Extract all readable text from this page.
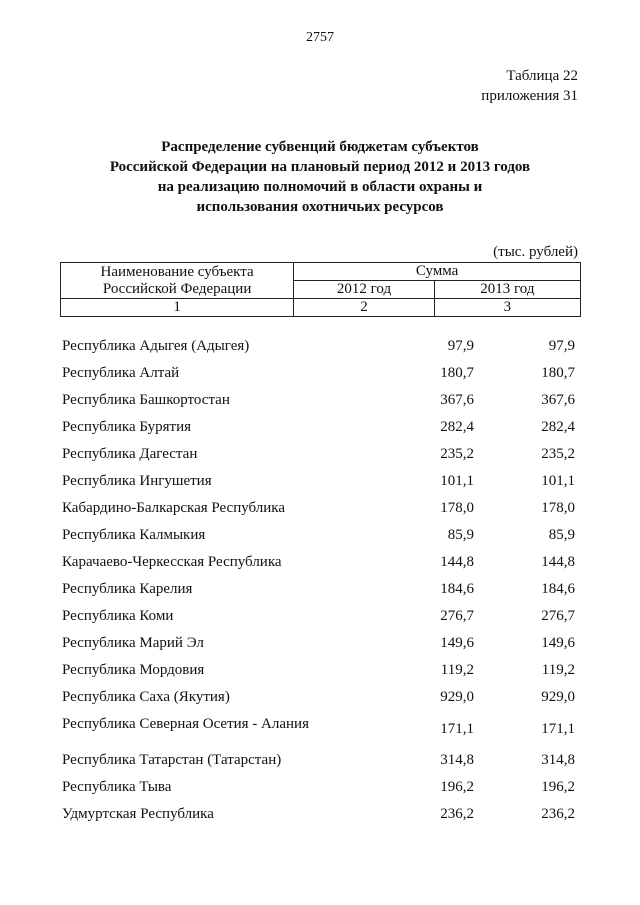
2757
Таблица 22
приложения 31
Распределение субвенций бюджетам субъектов
Российской Федерации на плановый период 2012 и 2013 годов
на реализацию полномочий в области охраны и
использования охотничьих ресурсов
(тыс. рублей)
Наименование субъекта Российской Федерации	Сумма	
	2012 год	2013 год
1	2	3
Республика Адыгея (Адыгея)	97,9	97,9
Республика Алтай	180,7	180,7
Республика Башкортостан	367,6	367,6
Республика Бурятия	282,4	282,4
Республика Дагестан	235,2	235,2
Республика Ингушетия	101,1	101,1
Кабардино-Балкарская Республика	178,0	178,0
Республика Калмыкия	85,9	85,9
Карачаево-Черкесская Республика	144,8	144,8
Республика Карелия	184,6	184,6
Республика Коми	276,7	276,7
Республика Марий Эл	149,6	149,6
Республика Мордовия	119,2	119,2
Республика Саха (Якутия)	929,0	929,0
Республика Северная Осетия - Алания	171,1	171,1
Республика Татарстан (Татарстан)	314,8	314,8
Республика Тыва	196,2	196,2
Удмуртская Республика	236,2	236,2
